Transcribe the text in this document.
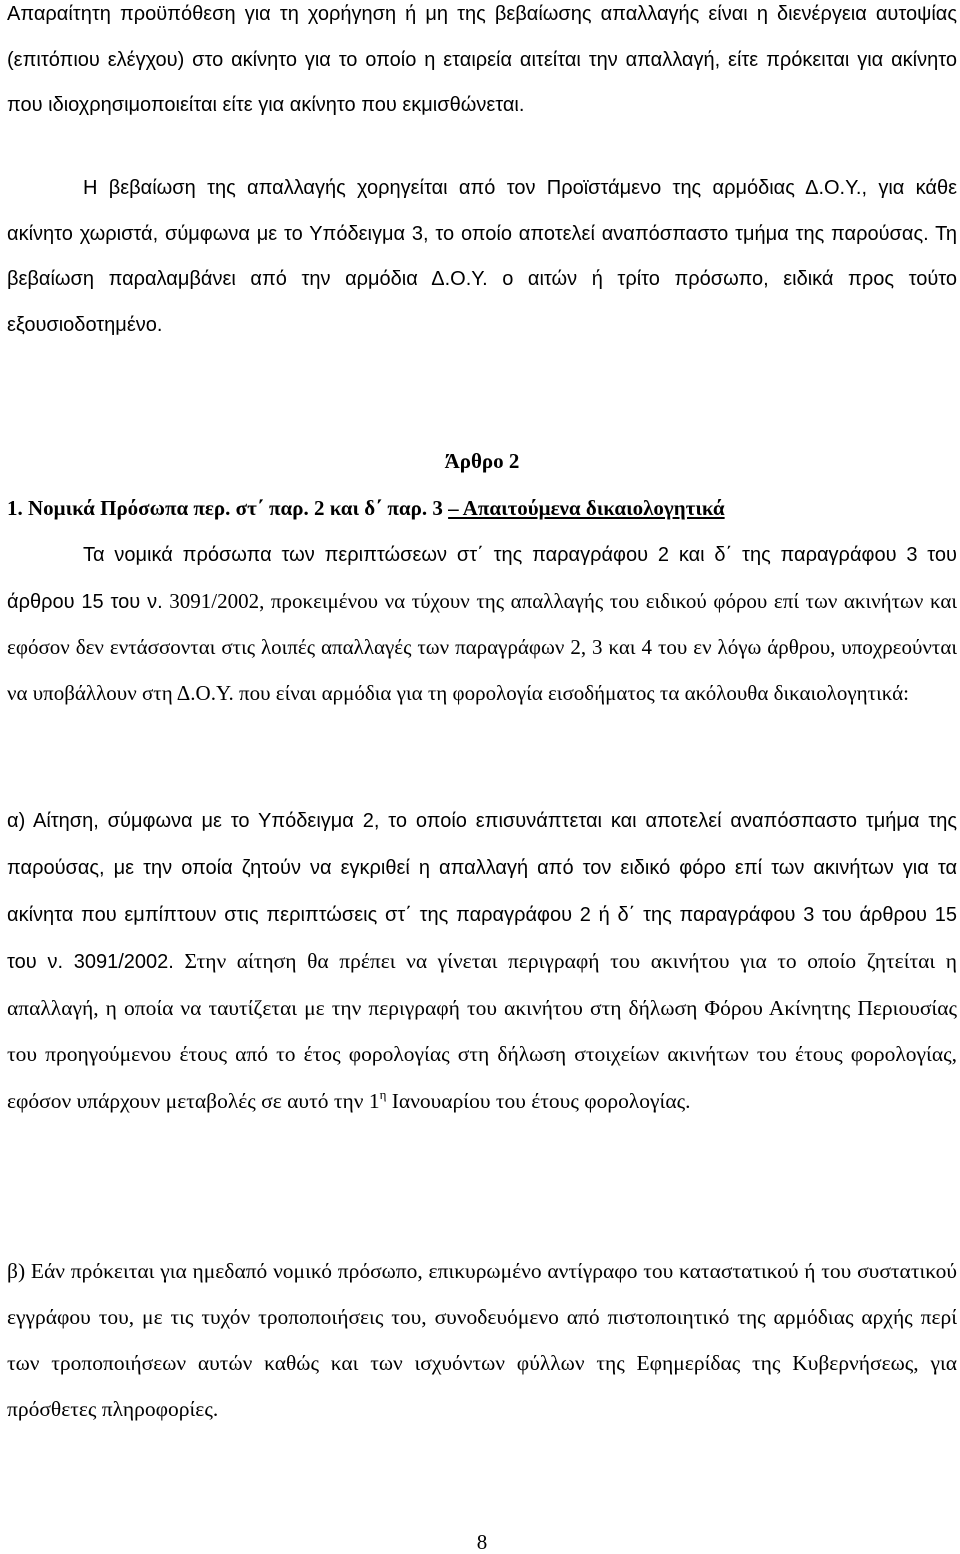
Απαραίτητη προϋπόθεση για τη χορήγηση ή μη της βεβαίωσης απαλλαγής είναι η διενέργεια αυτοψίας (επιτόπιου ελέγχου) στο ακίνητο για το οποίο η εταιρεία αιτείται την απαλλαγή, είτε πρόκειται για ακίνητο που ιδιοχρησιμοποιείται είτε για ακίνητο που εκμισθώνεται.

Η βεβαίωση της απαλλαγής χορηγείται από τον Προϊστάμενο της αρμόδιας Δ.Ο.Υ., για κάθε ακίνητο χωριστά, σύμφωνα με το Υπόδειγμα 3, το οποίο αποτελεί αναπόσπαστο τμήμα της παρούσας. Τη βεβαίωση παραλαμβάνει από την αρμόδια Δ.Ο.Υ. ο αιτών ή τρίτο πρόσωπο, ειδικά προς τούτο εξουσιοδοτημένο.

Άρθρο 2

1. Νομικά Πρόσωπα περ. στ΄ παρ. 2 και δ΄ παρ. 3 – Απαιτούμενα δικαιολογητικά

Τα νομικά πρόσωπα των περιπτώσεων στ΄ της παραγράφου 2 και δ΄ της παραγράφου 3 του άρθρου 15 του ν. 3091/2002, προκειμένου να τύχουν της απαλλαγής του ειδικού φόρου επί των ακινήτων και εφόσον δεν εντάσσονται στις λοιπές απαλλαγές των παραγράφων 2, 3 και 4 του εν λόγω άρθρου, υποχρεούνται να υποβάλλουν στη Δ.Ο.Υ. που είναι αρμόδια για τη φορολογία εισοδήματος τα ακόλουθα δικαιολογητικά:

α) Αίτηση, σύμφωνα με το Υπόδειγμα 2, το οποίο επισυνάπτεται και αποτελεί αναπόσπαστο τμήμα της παρούσας, με την οποία ζητούν να εγκριθεί η απαλλαγή από τον ειδικό φόρο επί των ακινήτων για τα ακίνητα που εμπίπτουν στις περιπτώσεις στ΄ της παραγράφου 2 ή δ΄ της παραγράφου 3 του άρθρου 15 του ν. 3091/2002. Στην αίτηση θα πρέπει να γίνεται περιγραφή του ακινήτου για το οποίο ζητείται η απαλλαγή, η οποία να ταυτίζεται με την περιγραφή του ακινήτου στη δήλωση Φόρου Ακίνητης Περιουσίας του προηγούμενου έτους από το έτος φορολογίας στη δήλωση στοιχείων ακινήτων του έτους φορολογίας, εφόσον υπάρχουν μεταβολές σε αυτό την $1^\eta$ Ιανουαρίου του έτους φορολογίας.

β) Εάν πρόκειται για ημεδαπό νομικό πρόσωπο, επικυρωμένο αντίγραφο του καταστατικού ή του συστατικού εγγράφου του, με τις τυχόν τροποποιήσεις του, συνοδευόμενο από πιστοποιητικό της αρμόδιας αρχής περί των τροποποιήσεων αυτών καθώς και των ισχυόντων φύλλων της Εφημερίδας της Κυβερνήσεως, για πρόσθετες πληροφορίες.

8
